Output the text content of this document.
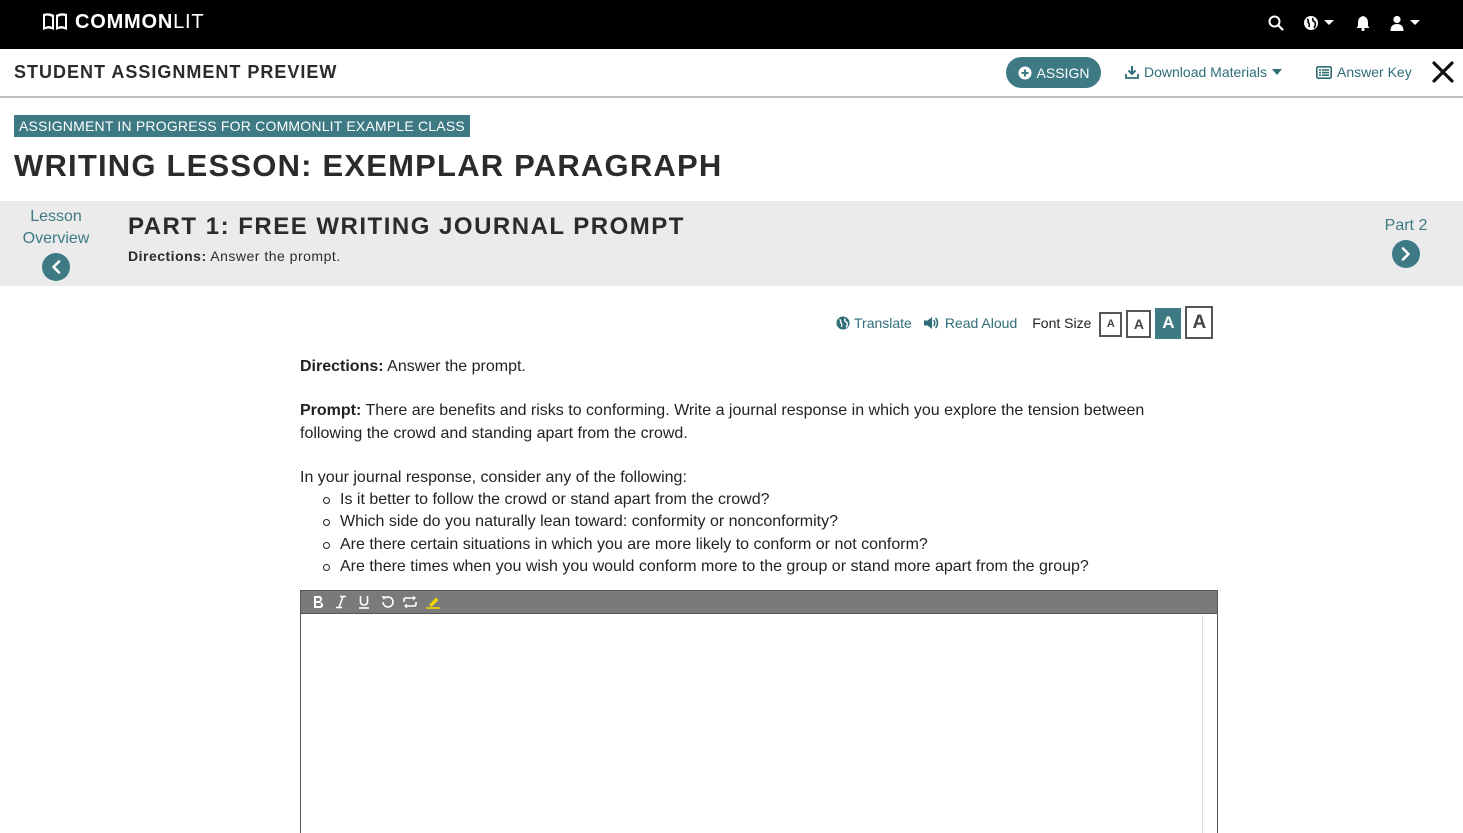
COMMONLIT
STUDENT ASSIGNMENT PREVIEW	ASSIGN	Download Materials	Answer Key
ASSIGNMENT IN PROGRESS FOR COMMONLIT EXAMPLE CLASS
WRITING LESSON: EXEMPLAR PARAGRAPH
Lesson
Overview	PART 1: FREE WRITING JOURNAL PROMPT
Directions: Answer the prompt.
Part 2
Translate Read Aloud Font Size	A	A	A A

Directions: Answer the prompt.

Prompt: There are benefits and risks to conforming. Write a journal response in which you explore the tension between following the crowd and standing apart from the crowd.

In your journal response, consider any of the following:
Is it better to follow the crowd or stand apart from the crowd?
Which side do you naturally lean toward: conformity or nonconformity?
Are there certain situations in which you are more likely to conform or not conform?
Are there times when you wish you would conform more to the group or stand more apart from the group?
